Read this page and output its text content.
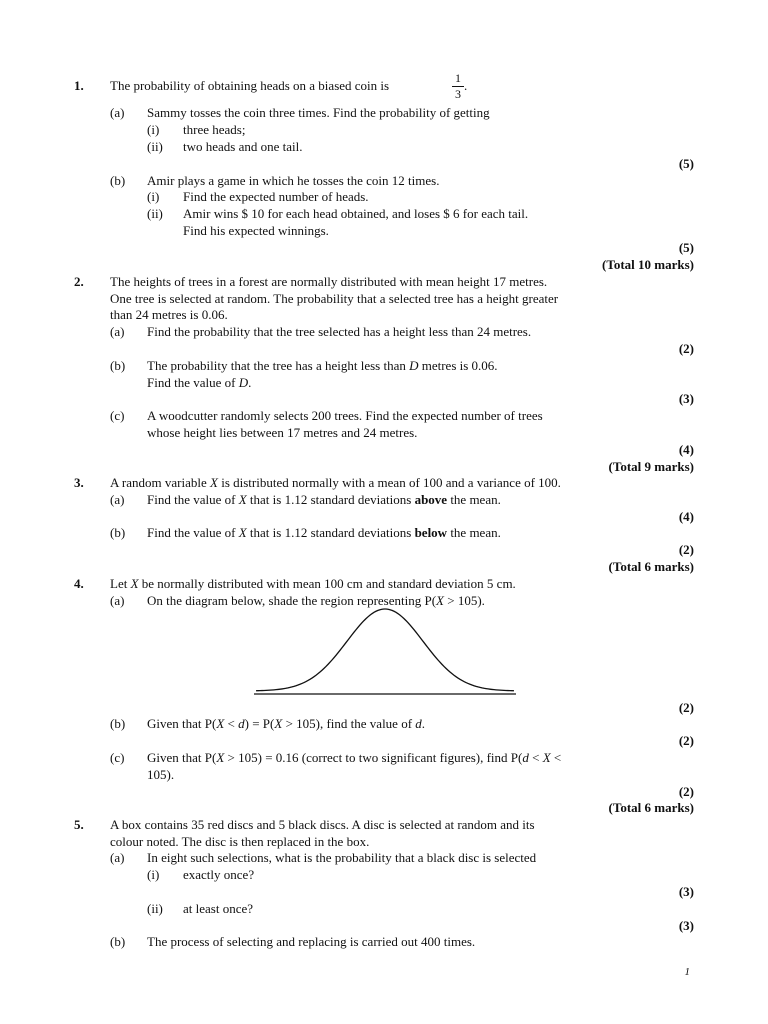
1. The probability of obtaining heads on a biased coin is	1
3
.
(a) Sammy tosses the coin three times. Find the probability of getting
(i) three heads;
(ii) two heads and one tail.
(5)
(b) Amir plays a game in which he tosses the coin 12 times.
(i) Find the expected number of heads.
(ii) Amir wins $ 10 for each head obtained, and loses $ 6 for each tail.
Find his expected winnings.
(5)
(Total 10 marks)
2. The heights of trees in a forest are normally distributed with mean height 17 metres.
One tree is selected at random. The probability that a selected tree has a height greater
than 24 metres is 0.06.
(a) Find the probability that the tree selected has a height less than 24 metres.
(2)
(b) The probability that the tree has a height less than D metres is 0.06.
Find the value of D.
(3)
(c) A woodcutter randomly selects 200 trees. Find the expected number of trees
whose height lies between 17 metres and 24 metres.
(4)
(Total 9 marks)
3. A random variable X is distributed normally with a mean of 100 and a variance of 100.
(a) Find the value of X that is 1.12 standard deviations above the mean.
(4)
(b) Find the value of X that is 1.12 standard deviations below the mean.
(2)
(Total 6 marks)
4. Let X be normally distributed with mean 100 cm and standard deviation 5 cm.
(a) On the diagram below, shade the region representing P(X > 105).
(2)
(b) Given that P(X < d) = P(X > 105), find the value of d.
(2)
(c) Given that P(X > 105) = 0.16 (correct to two significant figures), find P(d < X <
105).
(2)
(Total 6 marks)
5. A box contains 35 red discs and 5 black discs. A disc is selected at random and its
colour noted. The disc is then replaced in the box.
(a) In eight such selections, what is the probability that a black disc is selected
(i) exactly once?
(3)
(ii) at least once?
(3)
(b) The process of selecting and replacing is carried out 400 times.
1
